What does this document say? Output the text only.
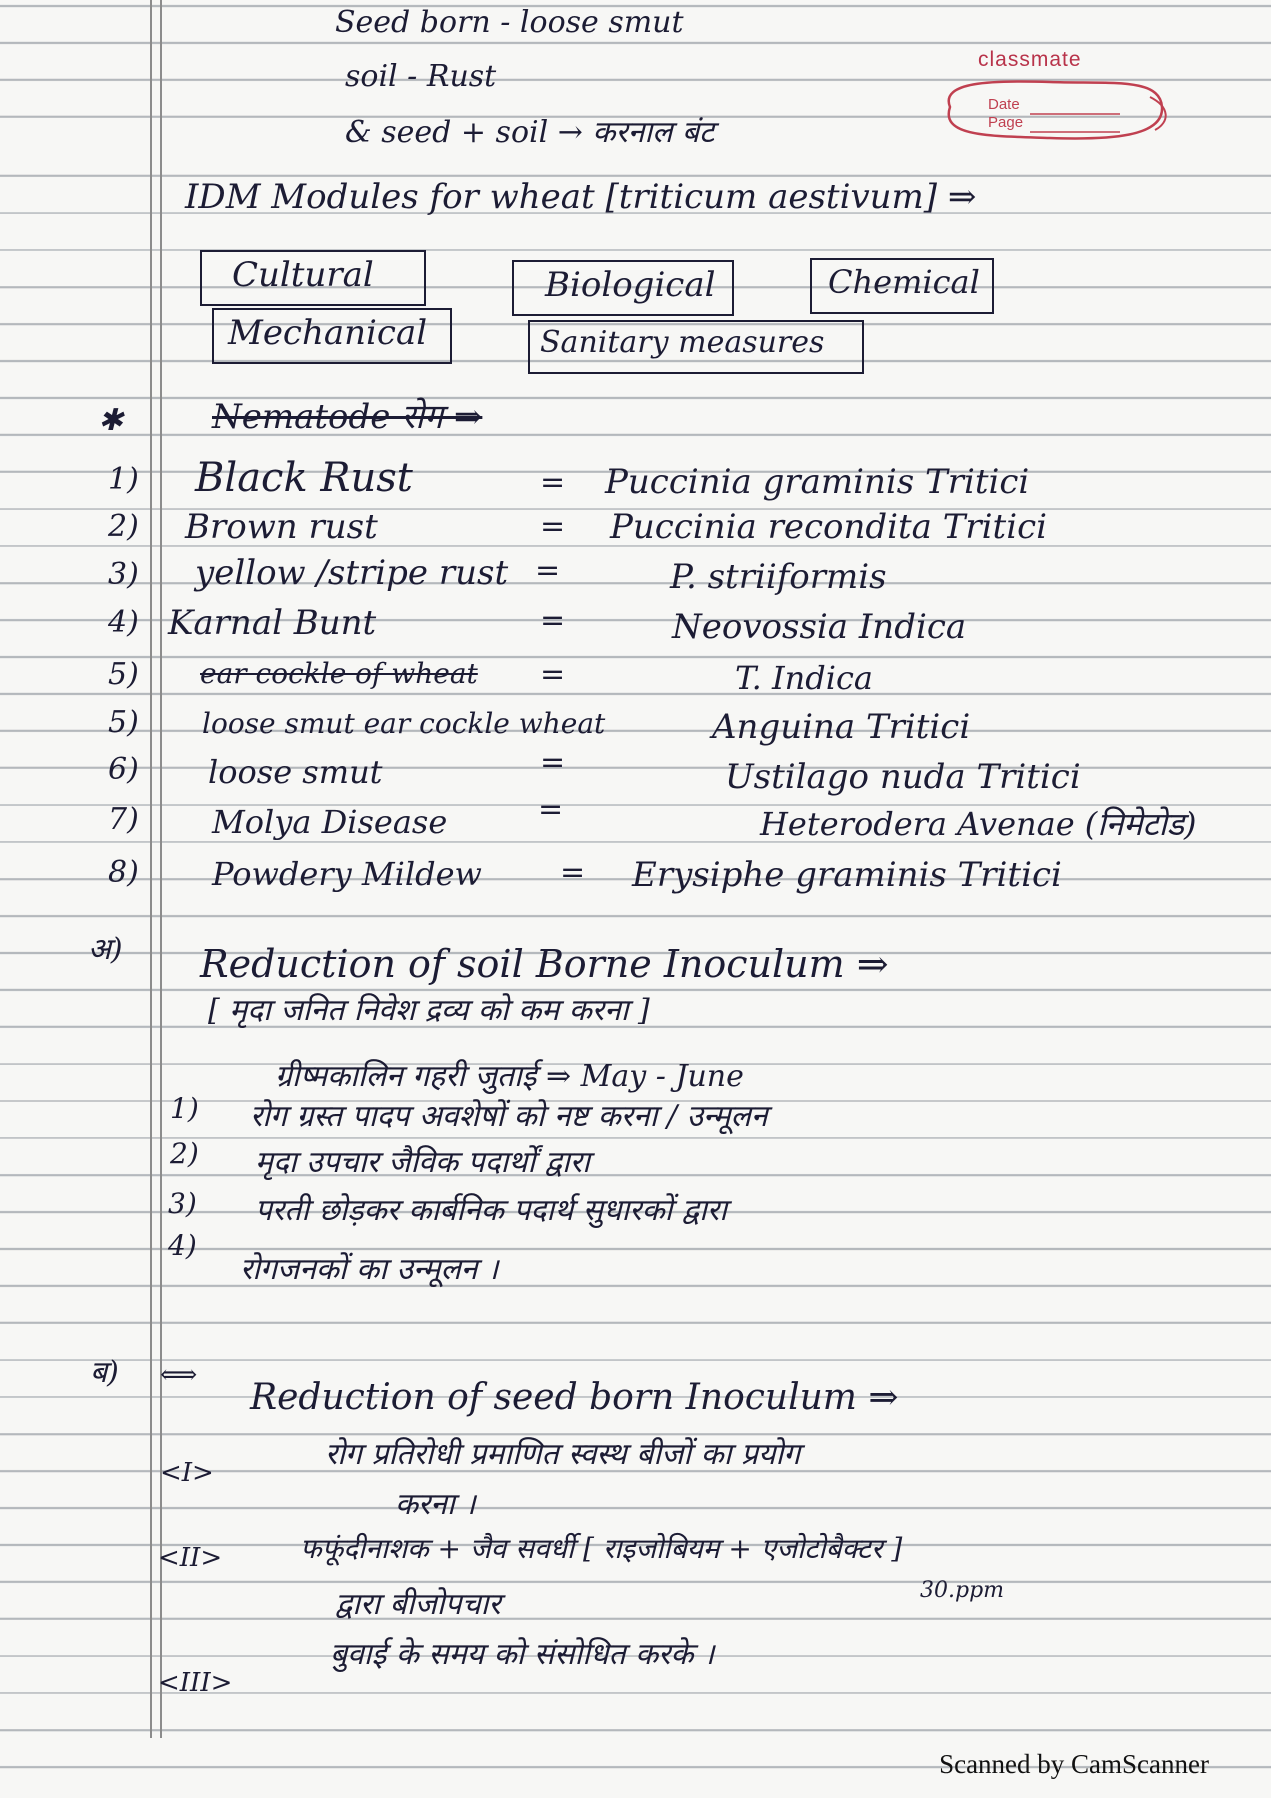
Seed born - loose smut
soil - Rust
& seed + soil → करनाल बंट
classmate
Date
Page
IDM Modules for wheat [triticum aestivum] ⇒
Cultural	Biological	Chemical
Mechanical	Sanitary measures
✱	Nematode रोग ⇒
1) Black Rust	= Puccinia graminis Tritici
2) Brown rust	= Puccinia recondita Tritici
3) yellow /stripe rust =	P. striiformis
4) Karnal Bunt	=	Neovossia Indica
5) ear cockle of wheat =	T. Indica
5) loose smut ear cockle wheat	Anguina Tritici
6) loose smut	=	Ustilago nuda Tritici
7) Molya Disease	=	Heterodera Avenae (निमेटोड)
8) Powdery Mildew	= Erysiphe graminis Tritici
अ) Reduction of soil Borne Inoculum ⇒
[ मृदा जनित निवेश द्रव्य को कम करना ]
ग्रीष्मकालिन गहरी जुताई ⇒ May - June
1) रोग ग्रस्त पादप अवशेषों को नष्ट करना / उन्मूलन
2) मृदा उपचार जैविक पदार्थों द्वारा
3) परती छोड़कर कार्बनिक पदार्थ सुधारकों द्वारा
4)
रोगजनकों का उन्मूलन ।
ब) ⟺
Reduction of seed born Inoculum ⇒
<I>
रोग प्रतिरोधी प्रमाणित स्वस्थ बीजों का प्रयोग
करना ।
<II>	फफूंदीनाशक + जैव सवर्धी [ राइजोबियम + एजोटोबैक्टर ]
30.ppm
द्वारा बीजोपचार
<III>
बुवाई के समय को संसोधित करके ।
Scanned by CamScanner
